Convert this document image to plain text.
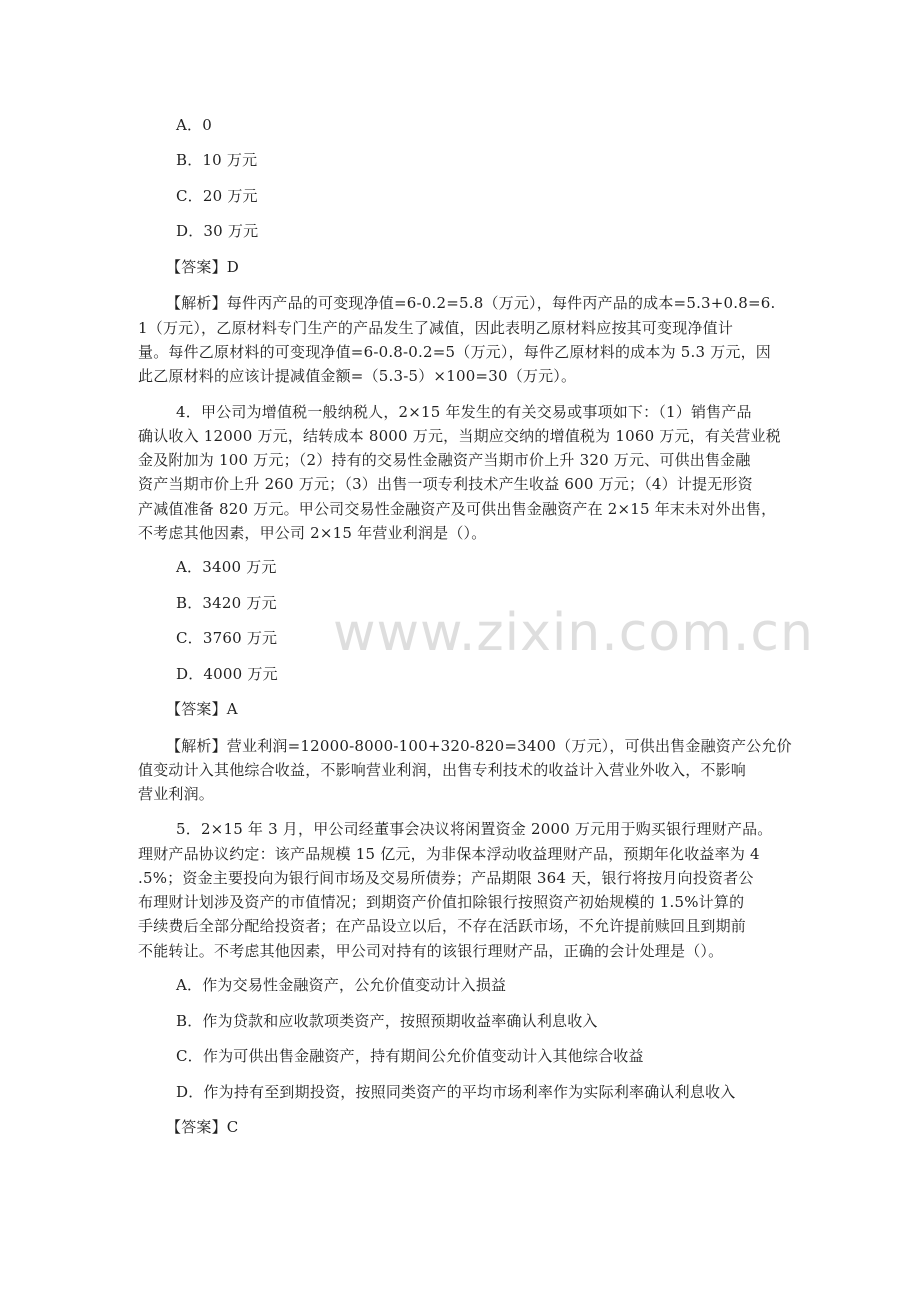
A．0
B．10 万元
C．20 万元
D．30 万元
【答案】D
【解析】每件丙产品的可变现净值=6-0.2=5.8（万元），每件丙产品的成本=5.3+0.8=6.
1（万元），乙原材料专门生产的产品发生了减值，因此表明乙原材料应按其可变现净值计
量。每件乙原材料的可变现净值=6-0.8-0.2=5（万元），每件乙原材料的成本为 5.3 万元，因
此乙原材料的应该计提减值金额=（5.3-5）×100=30（万元）。
4．甲公司为增值税一般纳税人，2×15 年发生的有关交易或事项如下：（1）销售产品
确认收入 12000 万元，结转成本 8000 万元，当期应交纳的增值税为 1060 万元，有关营业税
金及附加为 100 万元；（2）持有的交易性金融资产当期市价上升 320 万元、可供出售金融
资产当期市价上升 260 万元；（3）出售一项专利技术产生收益 600 万元；（4）计提无形资
产减值准备 820 万元。甲公司交易性金融资产及可供出售金融资产在 2×15 年末未对外出售，
不考虑其他因素，甲公司 2×15 年营业利润是（）。
A．3400 万元
B．3420 万元
C．3760 万元
D．4000 万元
【答案】A
【解析】营业利润=12000-8000-100+320-820=3400（万元），可供出售金融资产公允价
值变动计入其他综合收益，不影响营业利润，出售专利技术的收益计入营业外收入，不影响
营业利润。
5．2×15 年 3 月，甲公司经董事会决议将闲置资金 2000 万元用于购买银行理财产品。
理财产品协议约定：该产品规模 15 亿元，为非保本浮动收益理财产品，预期年化收益率为 4
.5%；资金主要投向为银行间市场及交易所债券；产品期限 364 天，银行将按月向投资者公
布理财计划涉及资产的市值情况；到期资产价值扣除银行按照资产初始规模的 1.5%计算的
手续费后全部分配给投资者；在产品设立以后，不存在活跃市场，不允许提前赎回且到期前
不能转让。不考虑其他因素，甲公司对持有的该银行理财产品，正确的会计处理是（）。
A．作为交易性金融资产，公允价值变动计入损益
B．作为贷款和应收款项类资产，按照预期收益率确认利息收入
C．作为可供出售金融资产，持有期间公允价值变动计入其他综合收益
D．作为持有至到期投资，按照同类资产的平均市场利率作为实际利率确认利息收入
【答案】C
www.zixin.com.cn
